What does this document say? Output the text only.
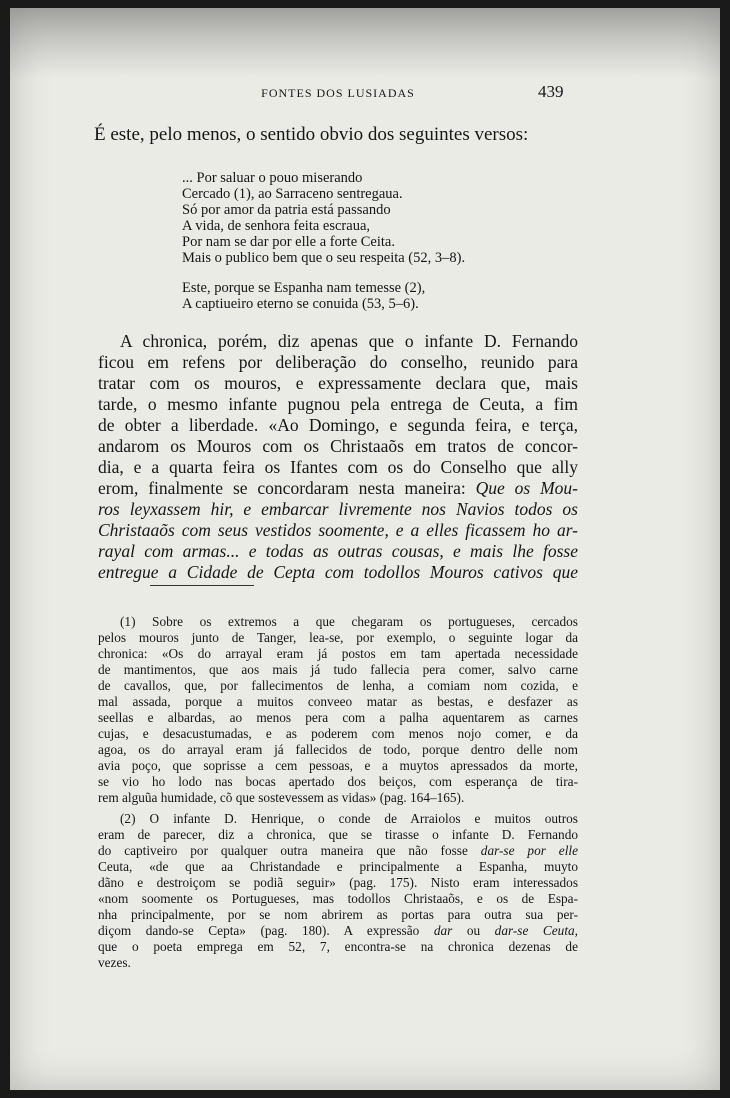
FONTES DOS LUSIADAS	439
É este, pelo menos, o sentido obvio dos seguintes versos:
... Por saluar o pouo miserando
Cercado (1), ao Sarraceno sentregaua.
Só por amor da patria está passando
A vida, de senhora feita escraua,
Por nam se dar por elle a forte Ceita.
Mais o publico bem que o seu respeita (52, 3–8).
Este, porque se Espanha nam temesse (2),
A captiueiro eterno se conuida (53, 5–6).
A chronica, porém, diz apenas que o infante D. Fernando
ficou em refens por deliberação do conselho, reunido para
tratar com os mouros, e expressamente declara que, mais
tarde, o mesmo infante pugnou pela entrega de Ceuta, a fim
de obter a liberdade. «Ao Domingo, e segunda feira, e terça,
andarom os Mouros com os Christaaõs em tratos de concor-
dia, e a quarta feira os Ifantes com os do Conselho que ally
erom, finalmente se concordaram nesta maneira: Que os Mou-
ros leyxassem hir, e embarcar livremente nos Navios todos os
Christaaõs com seus vestidos soomente, e a elles ficassem ho ar-
rayal com armas... e todas as outras cousas, e mais lhe fosse
entregue a Cidade de Cepta com todollos Mouros cativos que
(1) Sobre os extremos a que chegaram os portugueses, cercados
pelos mouros junto de Tanger, lea-se, por exemplo, o seguinte logar da
chronica: «Os do arrayal eram já postos em tam apertada necessidade
de mantimentos, que aos mais já tudo fallecia pera comer, salvo carne
de cavallos, que, por fallecimentos de lenha, a comiam nom cozida, e
mal assada, porque a muitos conveeo matar as bestas, e desfazer as
seellas e albardas, ao menos pera com a palha aquentarem as carnes
cujas, e desacustumadas, e as poderem com menos nojo comer, e da
agoa, os do arrayal eram já fallecidos de todo, porque dentro delle nom
avia poço, que soprisse a cem pessoas, e a muytos apressados da morte,
se vio ho lodo nas bocas apertado dos beiços, com esperança de tira-
rem alguũa humidade, cõ que sostevessem as vidas» (pag. 164–165).
(2) O infante D. Henrique, o conde de Arraiolos e muitos outros
eram de parecer, diz a chronica, que se tirasse o infante D. Fernando
do captiveiro por qualquer outra maneira que não fosse dar-se por elle
Ceuta, «de que aa Christandade e principalmente a Espanha, muyto
dãno e destroiçom se podiã seguir» (pag. 175). Nisto eram interessados
«nom soomente os Portugueses, mas todollos Christaaõs, e os de Espa-
nha principalmente, por se nom abrirem as portas para outra sua per-
diçom dando-se Cepta» (pag. 180). A expressão dar ou dar-se Ceuta,
que o poeta emprega em 52, 7, encontra-se na chronica dezenas de
vezes.
